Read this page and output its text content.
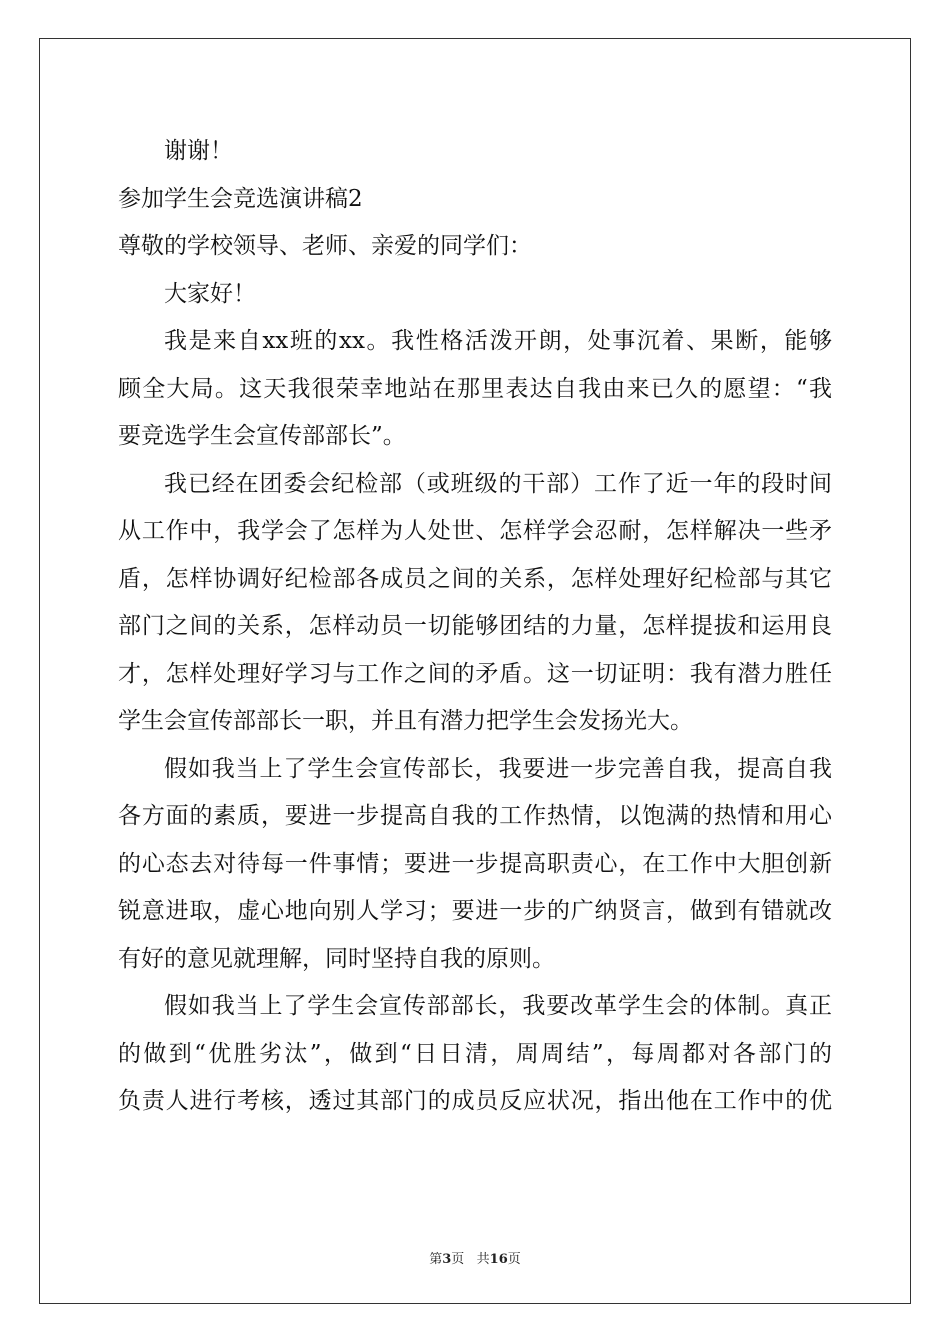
谢谢！
参加学生会竞选演讲稿2
尊敬的学校领导、老师、亲爱的同学们：
大家好！
我是来自xx班的xx。我性格活泼开朗，处事沉着、果断，能够
顾全大局。这天我很荣幸地站在那里表达自我由来已久的愿望：“我
要竞选学生会宣传部部长”。
我已经在团委会纪检部（或班级的干部）工作了近一年的段时间
从工作中，我学会了怎样为人处世、怎样学会忍耐，怎样解决一些矛
盾，怎样协调好纪检部各成员之间的关系，怎样处理好纪检部与其它
部门之间的关系，怎样动员一切能够团结的力量，怎样提拔和运用良
才，怎样处理好学习与工作之间的矛盾。这一切证明：我有潜力胜任
学生会宣传部部长一职，并且有潜力把学生会发扬光大。
假如我当上了学生会宣传部长，我要进一步完善自我，提高自我
各方面的素质，要进一步提高自我的工作热情，以饱满的热情和用心
的心态去对待每一件事情；要进一步提高职责心，在工作中大胆创新
锐意进取，虚心地向别人学习；要进一步的广纳贤言，做到有错就改
有好的意见就理解，同时坚持自我的原则。
假如我当上了学生会宣传部部长，我要改革学生会的体制。真正
的做到“优胜劣汰”，做到“日日清，周周结”，每周都对各部门的
负责人进行考核，透过其部门的成员反应状况，指出他在工作中的优
第3页   共16页
